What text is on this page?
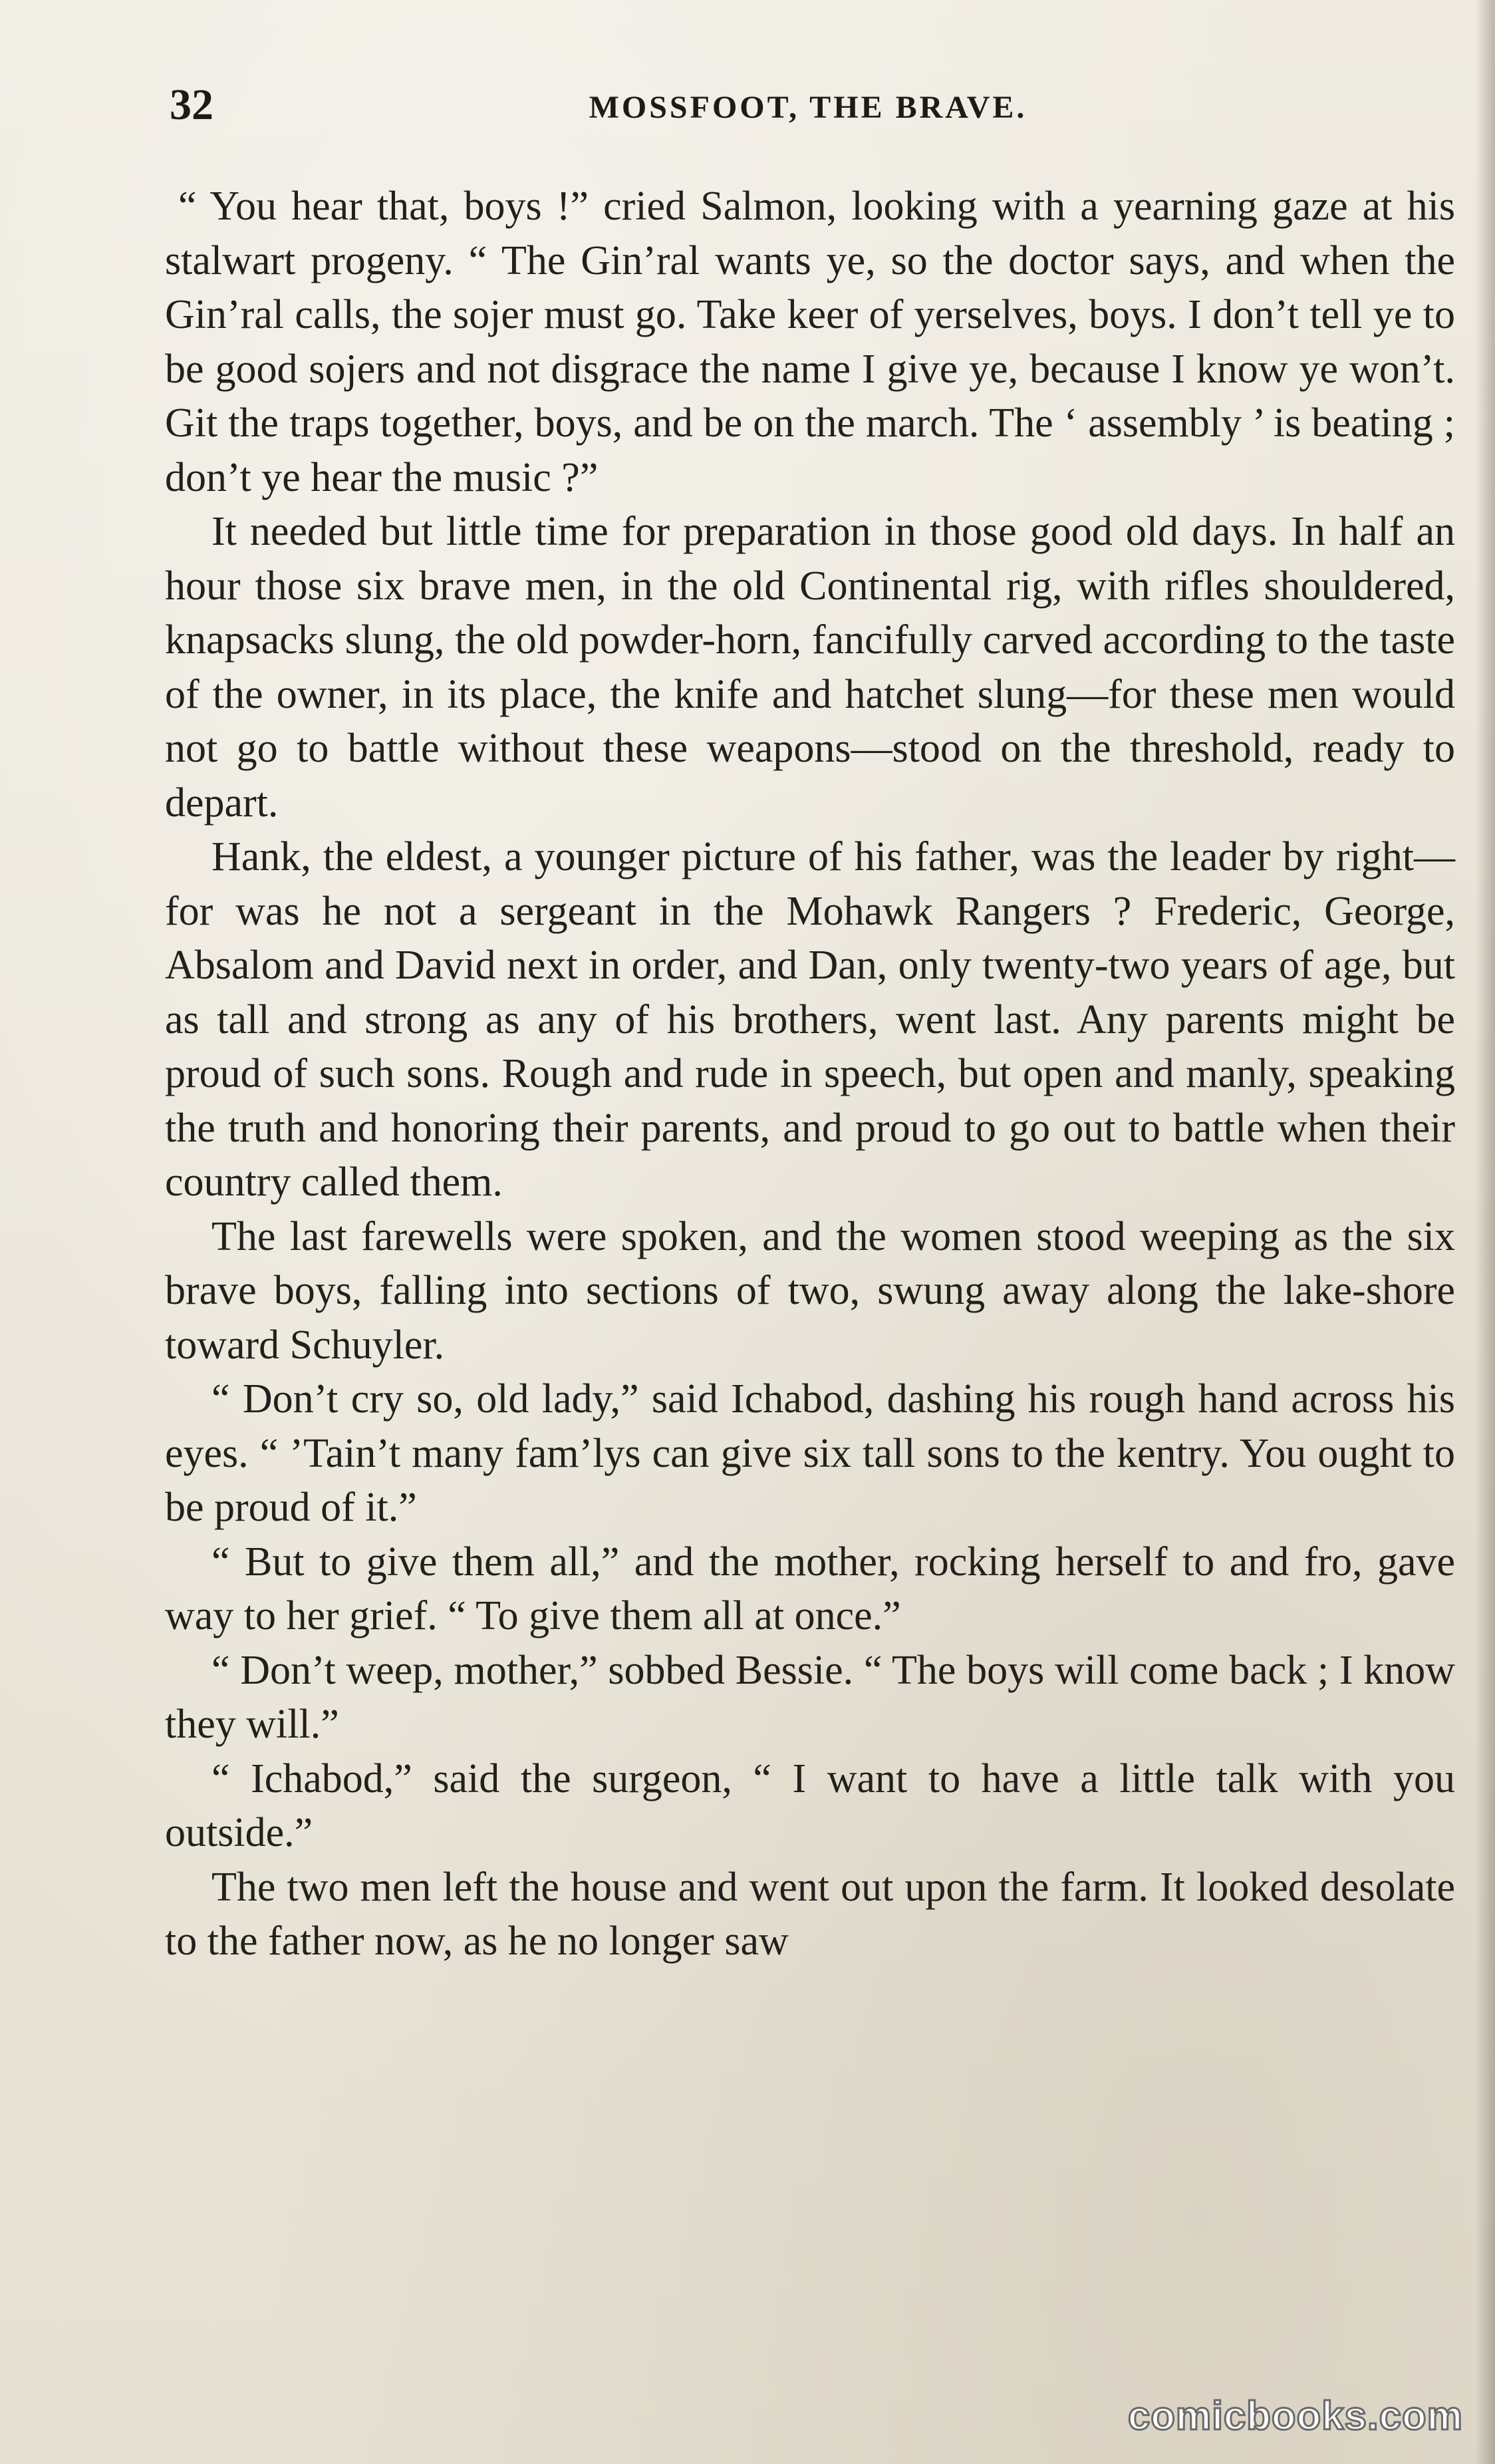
32	MOSSFOOT, THE BRAVE.

“ You hear that, boys !” cried Salmon, looking with a yearning gaze at his stalwart progeny. “ The Gin’ral wants ye, so the doctor says, and when the Gin’ral calls, the sojer must go. Take keer of yerselves, boys. I don’t tell ye to be good sojers and not disgrace the name I give ye, because I know ye won’t. Git the traps together, boys, and be on the march. The ‘ assembly ’ is beating ; don’t ye hear the music ?”

It needed but little time for preparation in those good old days. In half an hour those six brave men, in the old Continental rig, with rifles shouldered, knapsacks slung, the old powder-horn, fancifully carved according to the taste of the owner, in its place, the knife and hatchet slung—for these men would not go to battle without these weapons—stood on the threshold, ready to depart.

Hank, the eldest, a younger picture of his father, was the leader by right—for was he not a sergeant in the Mohawk Rangers ? Frederic, George, Absalom and David next in order, and Dan, only twenty-two years of age, but as tall and strong as any of his brothers, went last. Any parents might be proud of such sons. Rough and rude in speech, but open and manly, speaking the truth and honoring their parents, and proud to go out to battle when their country called them.

The last farewells were spoken, and the women stood weeping as the six brave boys, falling into sections of two, swung away along the lake-shore toward Schuyler.

“ Don’t cry so, old lady,” said Ichabod, dashing his rough hand across his eyes. “ ’Tain’t many fam’lys can give six tall sons to the kentry. You ought to be proud of it.”

“ But to give them all,” and the mother, rocking herself to and fro, gave way to her grief. “ To give them all at once.”

“ Don’t weep, mother,” sobbed Bessie. “ The boys will come back ; I know they will.”

“ Ichabod,” said the surgeon, “ I want to have a little talk with you outside.”

The two men left the house and went out upon the farm. It looked desolate to the father now, as he no longer saw

comicbooks.com
